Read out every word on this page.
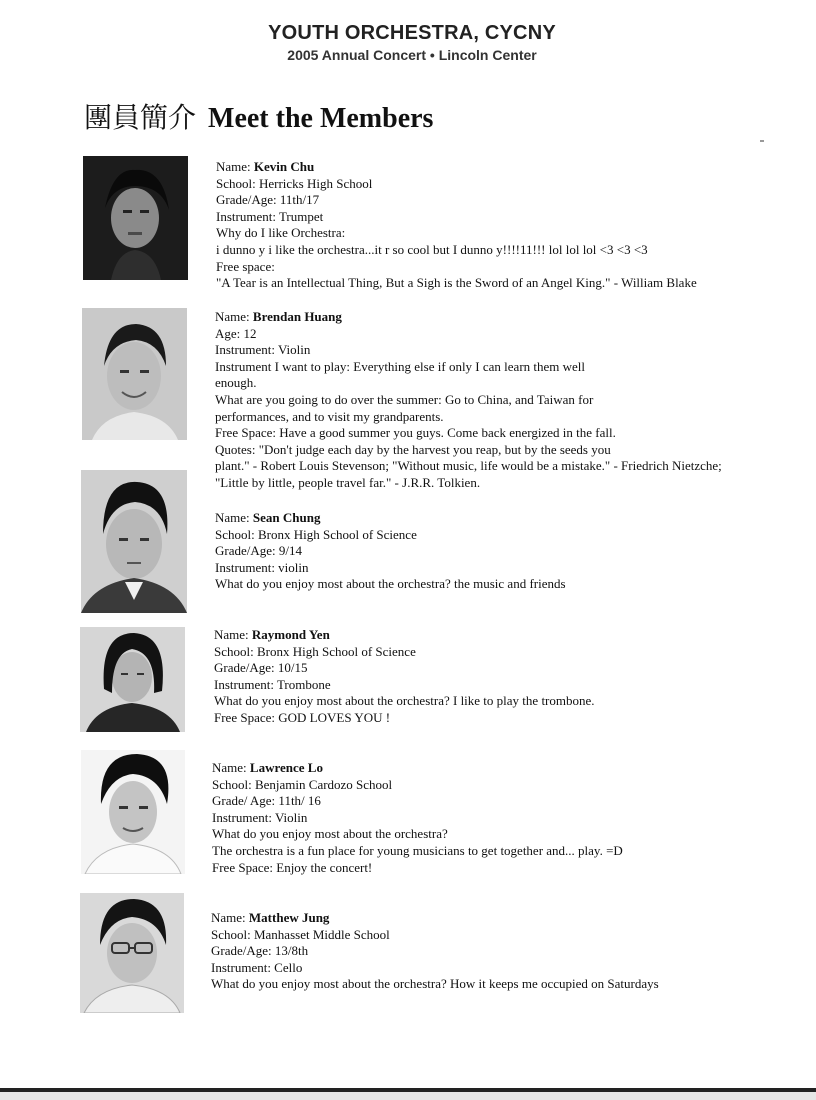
YOUTH ORCHESTRA, CYCNY
2005 Annual Concert • Lincoln Center
團員簡介 Meet the Members
Name: Kevin Chu
School: Herricks High School
Grade/Age: 11th/17
Instrument: Trumpet
Why do I like Orchestra:
i dunno y i like the orchestra...it r so cool but I dunno y!!!!11!!! lol lol lol <3 <3 <3
Free space:
"A Tear is an Intellectual Thing, But a Sigh is the Sword of an Angel King." - William Blake
Name: Brendan Huang
Age: 12
Instrument: Violin
Instrument I want to play: Everything else if only I can learn them well
enough.
What are you going to do over the summer: Go to China, and Taiwan for
performances, and to visit my grandparents.
Free Space: Have a good summer you guys. Come back energized in the fall.
Quotes: "Don't judge each day by the harvest you reap, but by the seeds you
plant." - Robert Louis Stevenson; "Without music, life would be a mistake." - Friedrich Nietzche;
"Little by little, people travel far." - J.R.R. Tolkien.
Name: Sean Chung
School: Bronx High School of Science
Grade/Age: 9/14
Instrument: violin
What do you enjoy most about the orchestra? the music and friends
Name: Raymond Yen
School: Bronx High School of Science
Grade/Age: 10/15
Instrument: Trombone
What do you enjoy most about the orchestra? I like to play the trombone.
Free Space: GOD LOVES YOU !
Name: Lawrence Lo
School: Benjamin Cardozo School
Grade/ Age: 11th/ 16
Instrument: Violin
What do you enjoy most about the orchestra?
The orchestra is a fun place for young musicians to get together and... play. =D
Free Space: Enjoy the concert!
Name: Matthew Jung
School: Manhasset Middle School
Grade/Age: 13/8th
Instrument: Cello
What do you enjoy most about the orchestra? How it keeps me occupied on Saturdays
